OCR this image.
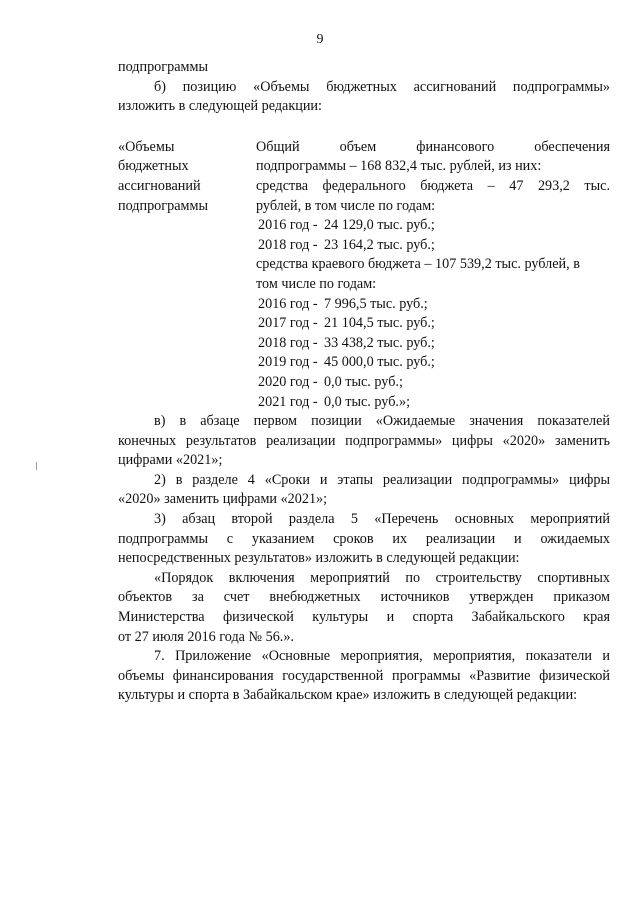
9
подпрограммы
б) позицию «Объемы бюджетных ассигнований подпрограммы»
изложить в следующей редакции:
«Объемы
бюджетных
ассигнований
подпрограммы
Общий объем финансового обеспечения
подпрограммы – 168 832,4 тыс. рублей, из них:
средства федерального бюджета – 47 293,2 тыс.
рублей, в том числе по годам:
2016 год - 24 129,0 тыс. руб.;
2018 год - 23 164,2 тыс. руб.;
средства краевого бюджета – 107 539,2 тыс. рублей, в
том числе по годам:
2016 год - 7 996,5 тыс. руб.;
2017 год - 21 104,5 тыс. руб.;
2018 год - 33 438,2 тыс. руб.;
2019 год - 45 000,0 тыс. руб.;
2020 год - 0,0 тыс. руб.;
2021 год - 0,0 тыс. руб.»;
в) в абзаце первом позиции «Ожидаемые значения показателей
конечных результатов реализации подпрограммы» цифры «2020» заменить
цифрами «2021»;
2) в разделе 4 «Сроки и этапы реализации подпрограммы» цифры
«2020» заменить цифрами «2021»;
3) абзац второй раздела 5 «Перечень основных мероприятий
подпрограммы с указанием сроков их реализации и ожидаемых
непосредственных результатов» изложить в следующей редакции:
«Порядок включения мероприятий по строительству спортивных
объектов за счет внебюджетных источников утвержден приказом
Министерства физической культуры и спорта Забайкальского края
от 27 июля 2016 года № 56.».
7. Приложение «Основные мероприятия, мероприятия, показатели и
объемы финансирования государственной программы «Развитие физической
культуры и спорта в Забайкальском крае» изложить в следующей редакции:
